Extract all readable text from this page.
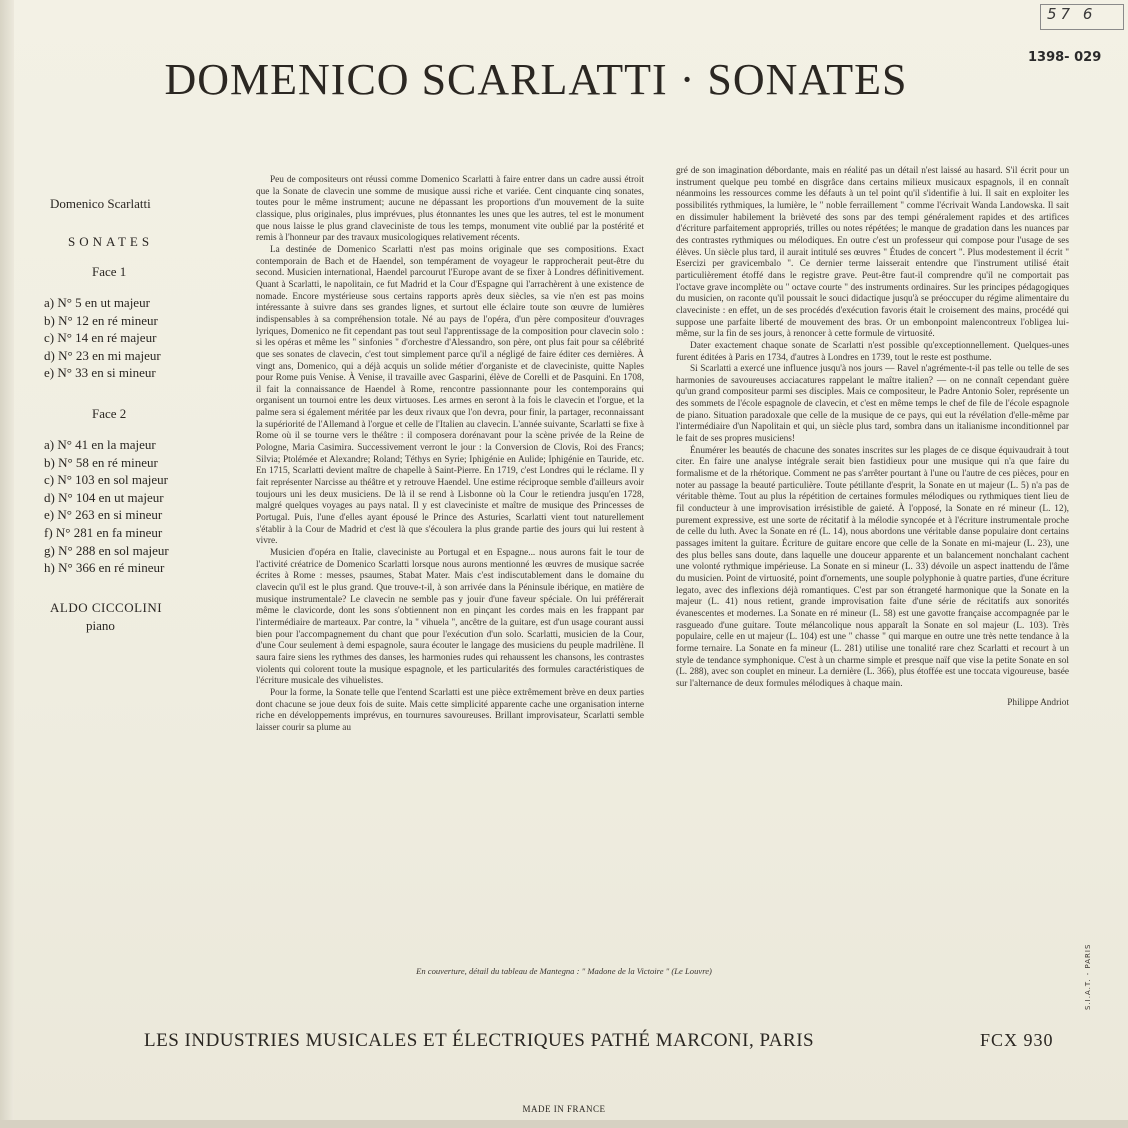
57 6
1398- 029
DOMENICO SCARLATTI · SONATES
Domenico Scarlatti
SONATES
Face 1
a) N° 5 en ut majeur
b) N° 12 en ré mineur
c) N° 14 en ré majeur
d) N° 23 en mi majeur
e) N° 33 en si mineur
Face 2
a) N° 41 en la majeur
b) N° 58 en ré mineur
c) N° 103 en sol majeur
d) N° 104 en ut majeur
e) N° 263 en si mineur
f) N° 281 en fa mineur
g) N° 288 en sol majeur
h) N° 366 en ré mineur
ALDO CICCOLINI
piano

Peu de compositeurs ont réussi comme Domenico Scarlatti à faire entrer dans un cadre aussi étroit que la Sonate de clavecin une somme de musique aussi riche et variée. Cent cinquante cinq sonates, toutes pour le même instrument; aucune ne dépassant les proportions d'un mouvement de la suite classique, plus originales, plus imprévues, plus étonnantes les unes que les autres, tel est le monument que nous laisse le plus grand claveciniste de tous les temps, monument vite oublié par la postérité et remis à l'honneur par des travaux musicologiques relativement récents.

La destinée de Domenico Scarlatti n'est pas moins originale que ses compositions. Exact contemporain de Bach et de Haendel, son tempérament de voyageur le rapprocherait peut-être du second. Musicien international, Haendel parcourut l'Europe avant de se fixer à Londres définitivement. Quant à Scarlatti, le napolitain, ce fut Madrid et la Cour d'Espagne qui l'arrachèrent à une existence de nomade. Encore mystérieuse sous certains rapports après deux siècles, sa vie n'en est pas moins intéressante à suivre dans ses grandes lignes, et surtout elle éclaire toute son œuvre de lumières indispensables à sa compréhension totale. Né au pays de l'opéra, d'un père compositeur d'ouvrages lyriques, Domenico ne fit cependant pas tout seul l'apprentissage de la composition pour clavecin solo : si les opéras et même les " sinfonies " d'orchestre d'Alessandro, son père, ont plus fait pour sa célébrité que ses sonates de clavecin, c'est tout simplement parce qu'il a négligé de faire éditer ces dernières. À vingt ans, Domenico, qui a déjà acquis un solide métier d'organiste et de claveciniste, quitte Naples pour Rome puis Venise. À Venise, il travaille avec Gasparini, élève de Corelli et de Pasquini. En 1708, il fait la connaissance de Haendel à Rome, rencontre passionnante pour les contemporains qui organisent un tournoi entre les deux virtuoses. Les armes en seront à la fois le clavecin et l'orgue, et la palme sera si également méritée par les deux rivaux que l'on devra, pour finir, la partager, reconnaissant la supériorité de l'Allemand à l'orgue et celle de l'Italien au clavecin. L'année suivante, Scarlatti se fixe à Rome où il se tourne vers le théâtre : il composera dorénavant pour la scène privée de la Reine de Pologne, Maria Casimira. Successivement verront le jour : la Conversion de Clovis, Roi des Francs; Silvia; Ptolémée et Alexandre; Roland; Téthys en Syrie; Iphigénie en Aulide; Iphigénie en Tauride, etc. En 1715, Scarlatti devient maître de chapelle à Saint-Pierre. En 1719, c'est Londres qui le réclame. Il y fait représenter Narcisse au théâtre et y retrouve Haendel. Une estime réciproque semble d'ailleurs avoir toujours uni les deux musiciens. De là il se rend à Lisbonne où la Cour le retiendra jusqu'en 1728, malgré quelques voyages au pays natal. Il y est claveciniste et maître de musique des Princesses de Portugal. Puis, l'une d'elles ayant épousé le Prince des Asturies, Scarlatti vient tout naturellement s'établir à la Cour de Madrid et c'est là que s'écoulera la plus grande partie des jours qui lui restent à vivre.

Musicien d'opéra en Italie, claveciniste au Portugal et en Espagne... nous aurons fait le tour de l'activité créatrice de Domenico Scarlatti lorsque nous aurons mentionné les œuvres de musique sacrée écrites à Rome : messes, psaumes, Stabat Mater. Mais c'est indiscutablement dans le domaine du clavecin qu'il est le plus grand. Que trouve-t-il, à son arrivée dans la Péninsule ibérique, en matière de musique instrumentale? Le clavecin ne semble pas y jouir d'une faveur spéciale. On lui préférerait même le clavicorde, dont les sons s'obtiennent non en pinçant les cordes mais en les frappant par l'intermédiaire de marteaux. Par contre, la " vihuela ", ancêtre de la guitare, est d'un usage courant aussi bien pour l'accompagnement du chant que pour l'exécution d'un solo. Scarlatti, musicien de la Cour, d'une Cour seulement à demi espagnole, saura écouter le langage des musiciens du peuple madrilène. Il saura faire siens les rythmes des danses, les harmonies rudes qui rehaussent les chansons, les contrastes violents qui colorent toute la musique espagnole, et les particularités des formules caractéristiques de l'écriture musicale des vihuelistes.

Pour la forme, la Sonate telle que l'entend Scarlatti est une pièce extrêmement brève en deux parties dont chacune se joue deux fois de suite. Mais cette simplicité apparente cache une organisation interne riche en développements imprévus, en tournures savoureuses. Brillant improvisateur, Scarlatti semble laisser courir sa plume au

gré de son imagination débordante, mais en réalité pas un détail n'est laissé au hasard. S'il écrit pour un instrument quelque peu tombé en disgrâce dans certains milieux musicaux espagnols, il en connaît néanmoins les ressources comme les défauts à un tel point qu'il s'identifie à lui. Il sait en exploiter les possibilités rythmiques, la lumière, le " noble ferraillement " comme l'écrivait Wanda Landowska. Il sait en dissimuler habilement la brièveté des sons par des tempi généralement rapides et des artifices d'écriture parfaitement appropriés, trilles ou notes répétées; le manque de gradation dans les nuances par des contrastes rythmiques ou mélodiques. En outre c'est un professeur qui compose pour l'usage de ses élèves. Un siècle plus tard, il aurait intitulé ses œuvres " Études de concert ". Plus modestement il écrit " Esercizi per gravicembalo ". Ce dernier terme laisserait entendre que l'instrument utilisé était particulièrement étoffé dans le registre grave. Peut-être faut-il comprendre qu'il ne comportait pas l'octave grave incomplète ou " octave courte " des instruments ordinaires. Sur les principes pédagogiques du musicien, on raconte qu'il poussait le souci didactique jusqu'à se préoccuper du régime alimentaire du claveciniste : en effet, un de ses procédés d'exécution favoris était le croisement des mains, procédé qui suppose une parfaite liberté de mouvement des bras. Or un embonpoint malencontreux l'obligea lui-même, sur la fin de ses jours, à renoncer à cette formule de virtuosité.

Dater exactement chaque sonate de Scarlatti n'est possible qu'exceptionnellement. Quelques-unes furent éditées à Paris en 1734, d'autres à Londres en 1739, tout le reste est posthume.

Si Scarlatti a exercé une influence jusqu'à nos jours — Ravel n'agrémente-t-il pas telle ou telle de ses harmonies de savoureuses acciacatures rappelant le maître italien? — on ne connaît cependant guère qu'un grand compositeur parmi ses disciples. Mais ce compositeur, le Padre Antonio Soler, représente un des sommets de l'école espagnole de clavecin, et c'est en même temps le chef de file de l'école espagnole de piano. Situation paradoxale que celle de la musique de ce pays, qui eut la révélation d'elle-même par l'intermédiaire d'un Napolitain et qui, un siècle plus tard, sombra dans un italianisme inconditionnel par le fait de ses propres musiciens!

Énumérer les beautés de chacune des sonates inscrites sur les plages de ce disque équivaudrait à tout citer. En faire une analyse intégrale serait bien fastidieux pour une musique qui n'a que faire du formalisme et de la rhétorique. Comment ne pas s'arrêter pourtant à l'une ou l'autre de ces pièces, pour en noter au passage la beauté particulière. Toute pétillante d'esprit, la Sonate en ut majeur (L. 5) n'a pas de véritable thème. Tout au plus la répétition de certaines formules mélodiques ou rythmiques tient lieu de fil conducteur à une improvisation irrésistible de gaieté. À l'opposé, la Sonate en ré mineur (L. 12), purement expressive, est une sorte de récitatif à la mélodie syncopée et à l'écriture instrumentale proche de celle du luth. Avec la Sonate en ré (L. 14), nous abordons une véritable danse populaire dont certains passages imitent la guitare. Écriture de guitare encore que celle de la Sonate en mi-majeur (L. 23), une des plus belles sans doute, dans laquelle une douceur apparente et un balancement nonchalant cachent une volonté rythmique impérieuse. La Sonate en si mineur (L. 33) dévoile un aspect inattendu de l'âme du musicien. Point de virtuosité, point d'ornements, une souple polyphonie à quatre parties, d'une écriture legato, avec des inflexions déjà romantiques. C'est par son étrangeté harmonique que la Sonate en la majeur (L. 41) nous retient, grande improvisation faite d'une série de récitatifs aux sonorités évanescentes et modernes. La Sonate en ré mineur (L. 58) est une gavotte française accompagnée par le rasgueado d'une guitare. Toute mélancolique nous apparaît la Sonate en sol majeur (L. 103). Très populaire, celle en ut majeur (L. 104) est une " chasse " qui marque en outre une très nette tendance à la forme ternaire. La Sonate en fa mineur (L. 281) utilise une tonalité rare chez Scarlatti et recourt à un style de tendance symphonique. C'est à un charme simple et presque naïf que vise la petite Sonate en sol (L. 288), avec son couplet en mineur. La dernière (L. 366), plus étoffée est une toccata vigoureuse, basée sur l'alternance de deux formules mélodiques à chaque main.

Philippe Andriot
En couverture, détail du tableau de Mantegna : " Madone de la Victoire " (Le Louvre)
LES INDUSTRIES MUSICALES ET ÉLECTRIQUES PATHÉ MARCONI, PARIS	FCX 930
S.I.A.T. - PARIS
MADE IN FRANCE
